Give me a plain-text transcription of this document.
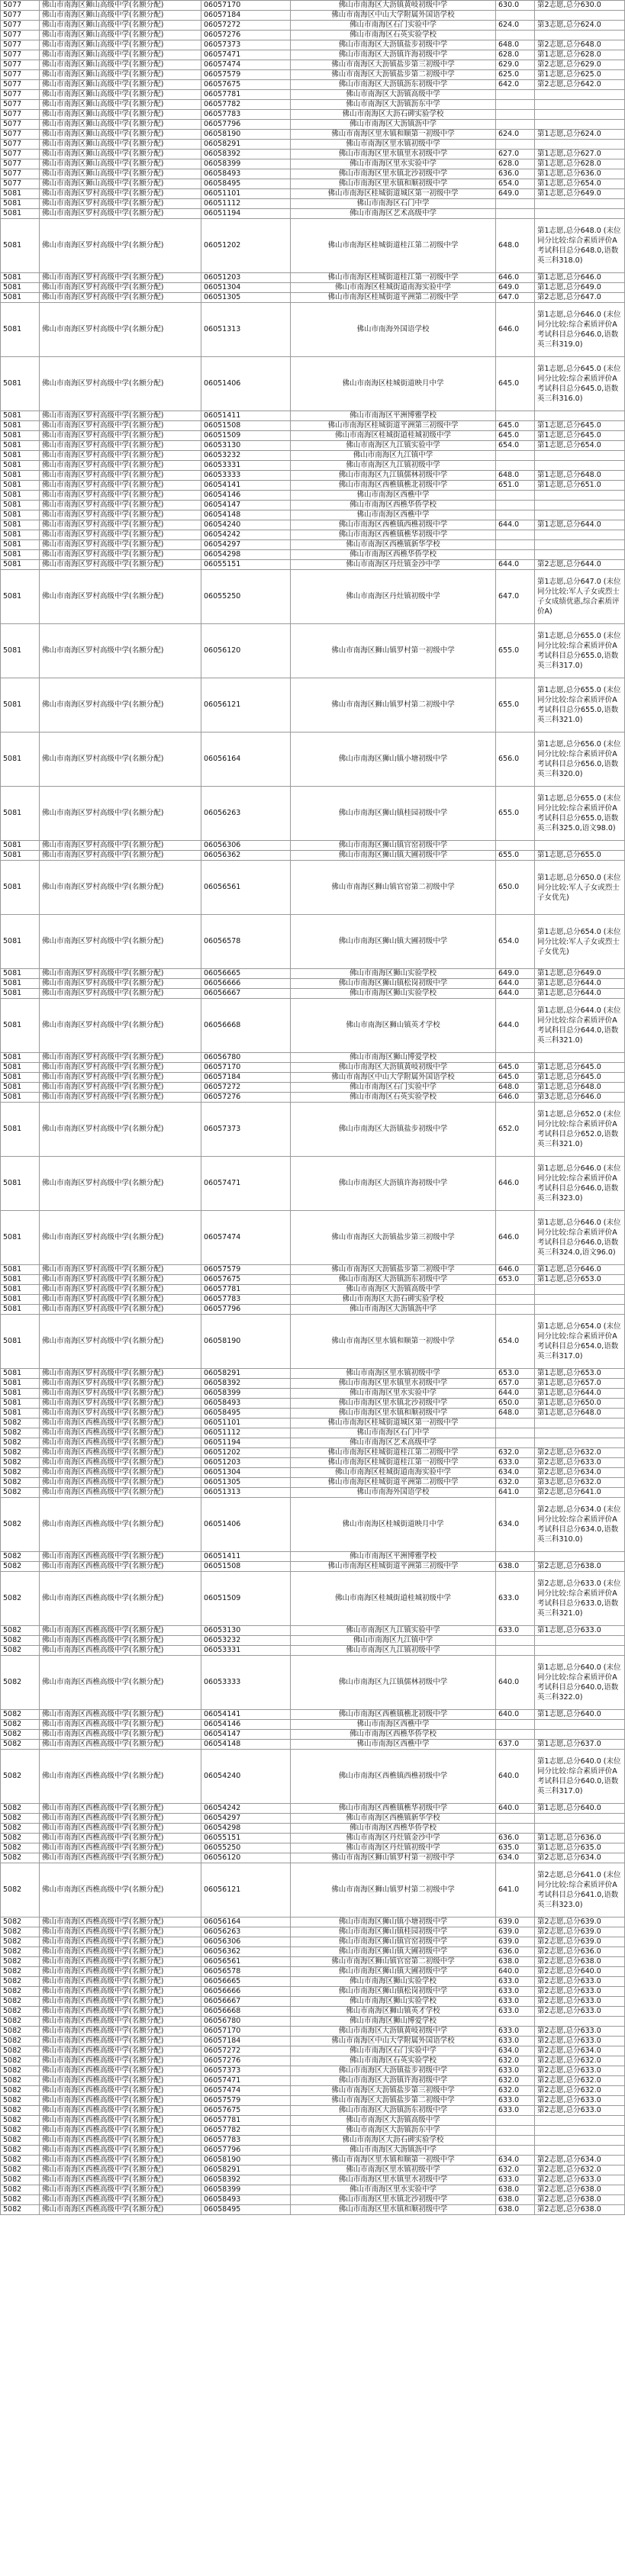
5077	佛山市南海区狮山高级中学(名额分配)	06057170	佛山市南海区大沥镇黄岐初级中学	630.0	第2志愿,总分630.0
5077	佛山市南海区狮山高级中学(名额分配)	06057184	佛山市南海区中山大学附属外国语学校		
5077	佛山市南海区狮山高级中学(名额分配)	06057272	佛山市南海区石门实验中学	624.0	第3志愿,总分624.0
5077	佛山市南海区狮山高级中学(名额分配)	06057276	佛山市南海区石英实验学校		
5077	佛山市南海区狮山高级中学(名额分配)	06057373	佛山市南海区大沥镇盐步初级中学	648.0	第2志愿,总分648.0
5077	佛山市南海区狮山高级中学(名额分配)	06057471	佛山市南海区大沥镇许海初级中学	628.0	第1志愿,总分628.0
5077	佛山市南海区狮山高级中学(名额分配)	06057474	佛山市南海区大沥镇盐步第三初级中学	629.0	第2志愿,总分629.0
5077	佛山市南海区狮山高级中学(名额分配)	06057579	佛山市南海区大沥镇盐步第二初级中学	625.0	第1志愿,总分625.0
5077	佛山市南海区狮山高级中学(名额分配)	06057675	佛山市南海区大沥镇沥东初级中学	642.0	第2志愿,总分642.0
5077	佛山市南海区狮山高级中学(名额分配)	06057781	佛山市南海区大沥镇高级中学		
5077	佛山市南海区狮山高级中学(名额分配)	06057782	佛山市南海区大沥镇沥东中学		
5077	佛山市南海区狮山高级中学(名额分配)	06057783	佛山市南海区大沥石碑实验学校		
5077	佛山市南海区狮山高级中学(名额分配)	06057796	佛山市南海区大沥镇沥中学		
5077	佛山市南海区狮山高级中学(名额分配)	06058190	佛山市南海区里水镇和顺第一初级中学	624.0	第1志愿,总分624.0
5077	佛山市南海区狮山高级中学(名额分配)	06058291	佛山市南海区里水镇初级中学		
5077	佛山市南海区狮山高级中学(名额分配)	06058392	佛山市南海区里水镇里水初级中学	627.0	第1志愿,总分627.0
5077	佛山市南海区狮山高级中学(名额分配)	06058399	佛山市南海区里水实验中学	628.0	第1志愿,总分628.0
5077	佛山市南海区狮山高级中学(名额分配)	06058493	佛山市南海区里水镇北沙初级中学	636.0	第1志愿,总分636.0
5077	佛山市南海区狮山高级中学(名额分配)	06058495	佛山市南海区里水镇和顺初级中学	654.0	第1志愿,总分654.0
5081	佛山市南海区罗村高级中学(名额分配)	06051101	佛山市南海区桂城街道城区第一初级中学	649.0	第1志愿,总分649.0
5081	佛山市南海区罗村高级中学(名额分配)	06051112	佛山市南海区石门中学		
5081	佛山市南海区罗村高级中学(名额分配)	06051194	佛山市南海区艺术高级中学		
5081	佛山市南海区罗村高级中学(名额分配)	06051202	佛山市南海区桂城街道桂江第二初级中学	648.0	第1志愿,总分648.0 (末位同分比较:综合素质评价A考试科目总分648.0,语数英三科318.0)
5081	佛山市南海区罗村高级中学(名额分配)	06051203	佛山市南海区桂城街道桂江第一初级中学	646.0	第1志愿,总分646.0
5081	佛山市南海区罗村高级中学(名额分配)	06051304	佛山市南海区桂城街道南海实验中学	649.0	第1志愿,总分649.0
5081	佛山市南海区罗村高级中学(名额分配)	06051305	佛山市南海区桂城街道平洲第二初级中学	647.0	第2志愿,总分647.0
5081	佛山市南海区罗村高级中学(名额分配)	06051313	佛山市南海外国语学校	646.0	第1志愿,总分646.0 (末位同分比较:综合素质评价A考试科目总分646.0,语数英三科319.0)
5081	佛山市南海区罗村高级中学(名额分配)	06051406	佛山市南海区桂城街道映月中学	645.0	第1志愿,总分645.0 (末位同分比较:综合素质评价A考试科目总分645.0,语数英三科316.0)
5081	佛山市南海区罗村高级中学(名额分配)	06051411	佛山市南海区平洲博雅学校		
5081	佛山市南海区罗村高级中学(名额分配)	06051508	佛山市南海区桂城街道平洲第三初级中学	645.0	第1志愿,总分645.0
5081	佛山市南海区罗村高级中学(名额分配)	06051509	佛山市南海区桂城街道桂城初级中学	645.0	第1志愿,总分645.0
5081	佛山市南海区罗村高级中学(名额分配)	06053130	佛山市南海区九江镇实验中学	654.0	第1志愿,总分654.0
5081	佛山市南海区罗村高级中学(名额分配)	06053232	佛山市南海区九江镇中学		
5081	佛山市南海区罗村高级中学(名额分配)	06053331	佛山市南海区九江镇初级中学		
5081	佛山市南海区罗村高级中学(名额分配)	06053333	佛山市南海区九江镇儒林初级中学	648.0	第1志愿,总分648.0
5081	佛山市南海区罗村高级中学(名额分配)	06054141	佛山市南海区西樵镇樵北初级中学	651.0	第1志愿,总分651.0
5081	佛山市南海区罗村高级中学(名额分配)	06054146	佛山市南海区西樵中学		
5081	佛山市南海区罗村高级中学(名额分配)	06054147	佛山市南海区西樵华侨学校		
5081	佛山市南海区罗村高级中学(名额分配)	06054148	佛山市南海区西樵中学		
5081	佛山市南海区罗村高级中学(名额分配)	06054240	佛山市南海区西樵镇西樵初级中学	644.0	第1志愿,总分644.0
5081	佛山市南海区罗村高级中学(名额分配)	06054242	佛山市南海区西樵镇樵华初级中学		
5081	佛山市南海区罗村高级中学(名额分配)	06054297	佛山市南海区西樵镇新华学校		
5081	佛山市南海区罗村高级中学(名额分配)	06054298	佛山市南海区西樵华侨学校		
5081	佛山市南海区罗村高级中学(名额分配)	06055151	佛山市南海区丹灶镇金沙中学	644.0	第2志愿,总分644.0
5081	佛山市南海区罗村高级中学(名额分配)	06055250	佛山市南海区丹灶镇初级中学	647.0	第1志愿,总分647.0 (末位同分比较:军人子女或烈士子女成绩优惠,综合素质评价A)
5081	佛山市南海区罗村高级中学(名额分配)	06056120	佛山市南海区狮山镇罗村第一初级中学	655.0	第1志愿,总分655.0 (末位同分比较:综合素质评价A考试科目总分655.0,语数英三科317.0)
5081	佛山市南海区罗村高级中学(名额分配)	06056121	佛山市南海区狮山镇罗村第二初级中学	655.0	第1志愿,总分655.0 (末位同分比较:综合素质评价A考试科目总分655.0,语数英三科321.0)
5081	佛山市南海区罗村高级中学(名额分配)	06056164	佛山市南海区狮山镇小塘初级中学	656.0	第1志愿,总分656.0 (末位同分比较:综合素质评价A考试科目总分656.0,语数英三科320.0)
5081	佛山市南海区罗村高级中学(名额分配)	06056263	佛山市南海区狮山镇桂园初级中学	655.0	第1志愿,总分655.0 (末位同分比较:综合素质评价A考试科目总分655.0,语数英三科325.0,语文98.0)
5081	佛山市南海区罗村高级中学(名额分配)	06056306	佛山市南海区狮山镇官窑初级中学		
5081	佛山市南海区罗村高级中学(名额分配)	06056362	佛山市南海区狮山镇大圃初级中学	655.0	第1志愿,总分655.0
5081	佛山市南海区罗村高级中学(名额分配)	06056561	佛山市南海区狮山镇官窑第二初级中学	650.0	第1志愿,总分650.0 (末位同分比较:军人子女或烈士子女优先)
5081	佛山市南海区罗村高级中学(名额分配)	06056578	佛山市南海区狮山镇大圃初级中学	654.0	第1志愿,总分654.0 (末位同分比较:军人子女或烈士子女优先)
5081	佛山市南海区罗村高级中学(名额分配)	06056665	佛山市南海区狮山实验学校	649.0	第1志愿,总分649.0
5081	佛山市南海区罗村高级中学(名额分配)	06056666	佛山市南海区狮山镇松岗初级中学	644.0	第1志愿,总分644.0
5081	佛山市南海区罗村高级中学(名额分配)	06056667	佛山市南海区狮山实验学校	644.0	第1志愿,总分644.0
5081	佛山市南海区罗村高级中学(名额分配)	06056668	佛山市南海区狮山镇英才学校	644.0	第1志愿,总分644.0 (末位同分比较:综合素质评价A考试科目总分644.0,语数英三科321.0)
5081	佛山市南海区罗村高级中学(名额分配)	06056780	佛山市南海区狮山博爱学校		
5081	佛山市南海区罗村高级中学(名额分配)	06057170	佛山市南海区大沥镇黄岐初级中学	645.0	第1志愿,总分645.0
5081	佛山市南海区罗村高级中学(名额分配)	06057184	佛山市南海区中山大学附属外国语学校	645.0	第1志愿,总分645.0
5081	佛山市南海区罗村高级中学(名额分配)	06057272	佛山市南海区石门实验中学	648.0	第1志愿,总分648.0
5081	佛山市南海区罗村高级中学(名额分配)	06057276	佛山市南海区石英实验学校	646.0	第3志愿,总分646.0
5081	佛山市南海区罗村高级中学(名额分配)	06057373	佛山市南海区大沥镇盐步初级中学	652.0	第1志愿,总分652.0 (末位同分比较:综合素质评价A考试科目总分652.0,语数英三科321.0)
5081	佛山市南海区罗村高级中学(名额分配)	06057471	佛山市南海区大沥镇许海初级中学	646.0	第1志愿,总分646.0 (末位同分比较:综合素质评价A考试科目总分646.0,语数英三科323.0)
5081	佛山市南海区罗村高级中学(名额分配)	06057474	佛山市南海区大沥镇盐步第三初级中学	646.0	第1志愿,总分646.0 (末位同分比较:综合素质评价A考试科目总分646.0,语数英三科324.0,语文96.0)
5081	佛山市南海区罗村高级中学(名额分配)	06057579	佛山市南海区大沥镇盐步第二初级中学	646.0	第1志愿,总分646.0
5081	佛山市南海区罗村高级中学(名额分配)	06057675	佛山市南海区大沥镇沥东初级中学	653.0	第1志愿,总分653.0
5081	佛山市南海区罗村高级中学(名额分配)	06057781	佛山市南海区大沥镇高级中学		
5081	佛山市南海区罗村高级中学(名额分配)	06057783	佛山市南海区大沥石碑实验学校		
5081	佛山市南海区罗村高级中学(名额分配)	06057796	佛山市南海区大沥镇沥中学		
5081	佛山市南海区罗村高级中学(名额分配)	06058190	佛山市南海区里水镇和顺第一初级中学	654.0	第1志愿,总分654.0 (末位同分比较:综合素质评价A考试科目总分654.0,语数英三科317.0)
5081	佛山市南海区罗村高级中学(名额分配)	06058291	佛山市南海区里水镇初级中学	653.0	第1志愿,总分653.0
5081	佛山市南海区罗村高级中学(名额分配)	06058392	佛山市南海区里水镇里水初级中学	657.0	第1志愿,总分657.0
5081	佛山市南海区罗村高级中学(名额分配)	06058399	佛山市南海区里水实验中学	644.0	第1志愿,总分644.0
5081	佛山市南海区罗村高级中学(名额分配)	06058493	佛山市南海区里水镇北沙初级中学	650.0	第1志愿,总分650.0
5081	佛山市南海区罗村高级中学(名额分配)	06058495	佛山市南海区里水镇和顺初级中学	648.0	第1志愿,总分648.0
5082	佛山市南海区西樵高级中学(名额分配)	06051101	佛山市南海区桂城街道城区第一初级中学		
5082	佛山市南海区西樵高级中学(名额分配)	06051112	佛山市南海区石门中学		
5082	佛山市南海区西樵高级中学(名额分配)	06051194	佛山市南海区艺术高级中学		
5082	佛山市南海区西樵高级中学(名额分配)	06051202	佛山市南海区桂城街道桂江第二初级中学	632.0	第2志愿,总分632.0
5082	佛山市南海区西樵高级中学(名额分配)	06051203	佛山市南海区桂城街道桂江第一初级中学	633.0	第2志愿,总分633.0
5082	佛山市南海区西樵高级中学(名额分配)	06051304	佛山市南海区桂城街道南海实验中学	634.0	第2志愿,总分634.0
5082	佛山市南海区西樵高级中学(名额分配)	06051305	佛山市南海区桂城街道平洲第二初级中学	632.0	第3志愿,总分632.0
5082	佛山市南海区西樵高级中学(名额分配)	06051313	佛山市南海外国语学校	641.0	第2志愿,总分641.0
5082	佛山市南海区西樵高级中学(名额分配)	06051406	佛山市南海区桂城街道映月中学	634.0	第2志愿,总分634.0 (末位同分比较:综合素质评价A考试科目总分634.0,语数英三科310.0)
5082	佛山市南海区西樵高级中学(名额分配)	06051411	佛山市南海区平洲博雅学校		
5082	佛山市南海区西樵高级中学(名额分配)	06051508	佛山市南海区桂城街道平洲第三初级中学	638.0	第2志愿,总分638.0
5082	佛山市南海区西樵高级中学(名额分配)	06051509	佛山市南海区桂城街道桂城初级中学	633.0	第2志愿,总分633.0 (末位同分比较:综合素质评价A考试科目总分633.0,语数英三科321.0)
5082	佛山市南海区西樵高级中学(名额分配)	06053130	佛山市南海区九江镇实验中学	633.0	第1志愿,总分633.0
5082	佛山市南海区西樵高级中学(名额分配)	06053232	佛山市南海区九江镇中学		
5082	佛山市南海区西樵高级中学(名额分配)	06053331	佛山市南海区九江镇初级中学		
5082	佛山市南海区西樵高级中学(名额分配)	06053333	佛山市南海区九江镇儒林初级中学	640.0	第1志愿,总分640.0 (末位同分比较:综合素质评价A考试科目总分640.0,语数英三科322.0)
5082	佛山市南海区西樵高级中学(名额分配)	06054141	佛山市南海区西樵镇樵北初级中学	640.0	第1志愿,总分640.0
5082	佛山市南海区西樵高级中学(名额分配)	06054146	佛山市南海区西樵中学		
5082	佛山市南海区西樵高级中学(名额分配)	06054147	佛山市南海区西樵华侨学校		
5082	佛山市南海区西樵高级中学(名额分配)	06054148	佛山市南海区西樵中学	637.0	第1志愿,总分637.0
5082	佛山市南海区西樵高级中学(名额分配)	06054240	佛山市南海区西樵镇西樵初级中学	640.0	第1志愿,总分640.0 (末位同分比较:综合素质评价A考试科目总分640.0,语数英三科317.0)
5082	佛山市南海区西樵高级中学(名额分配)	06054242	佛山市南海区西樵镇樵华初级中学	640.0	第1志愿,总分640.0
5082	佛山市南海区西樵高级中学(名额分配)	06054297	佛山市南海区西樵镇新华学校		
5082	佛山市南海区西樵高级中学(名额分配)	06054298	佛山市南海区西樵华侨学校		
5082	佛山市南海区西樵高级中学(名额分配)	06055151	佛山市南海区丹灶镇金沙中学	636.0	第1志愿,总分636.0
5082	佛山市南海区西樵高级中学(名额分配)	06055250	佛山市南海区丹灶镇初级中学	635.0	第1志愿,总分635.0
5082	佛山市南海区西樵高级中学(名额分配)	06056120	佛山市南海区狮山镇罗村第一初级中学	634.0	第2志愿,总分634.0
5082	佛山市南海区西樵高级中学(名额分配)	06056121	佛山市南海区狮山镇罗村第二初级中学	641.0	第2志愿,总分641.0 (末位同分比较:综合素质评价A考试科目总分641.0,语数英三科323.0)
5082	佛山市南海区西樵高级中学(名额分配)	06056164	佛山市南海区狮山镇小塘初级中学	639.0	第2志愿,总分639.0
5082	佛山市南海区西樵高级中学(名额分配)	06056263	佛山市南海区狮山镇桂园初级中学	639.0	第2志愿,总分639.0
5082	佛山市南海区西樵高级中学(名额分配)	06056306	佛山市南海区狮山镇官窑初级中学	639.0	第2志愿,总分639.0
5082	佛山市南海区西樵高级中学(名额分配)	06056362	佛山市南海区狮山镇大圃初级中学	636.0	第2志愿,总分636.0
5082	佛山市南海区西樵高级中学(名额分配)	06056561	佛山市南海区狮山镇官窑第二初级中学	638.0	第2志愿,总分638.0
5082	佛山市南海区西樵高级中学(名额分配)	06056578	佛山市南海区狮山镇大圃初级中学	640.0	第2志愿,总分640.0
5082	佛山市南海区西樵高级中学(名额分配)	06056665	佛山市南海区狮山实验学校	633.0	第2志愿,总分633.0
5082	佛山市南海区西樵高级中学(名额分配)	06056666	佛山市南海区狮山镇松岗初级中学	633.0	第2志愿,总分633.0
5082	佛山市南海区西樵高级中学(名额分配)	06056667	佛山市南海区狮山实验学校	633.0	第2志愿,总分633.0
5082	佛山市南海区西樵高级中学(名额分配)	06056668	佛山市南海区狮山镇英才学校	633.0	第2志愿,总分633.0
5082	佛山市南海区西樵高级中学(名额分配)	06056780	佛山市南海区狮山博爱学校		
5082	佛山市南海区西樵高级中学(名额分配)	06057170	佛山市南海区大沥镇黄岐初级中学	633.0	第2志愿,总分633.0
5082	佛山市南海区西樵高级中学(名额分配)	06057184	佛山市南海区中山大学附属外国语学校	633.0	第2志愿,总分633.0
5082	佛山市南海区西樵高级中学(名额分配)	06057272	佛山市南海区石门实验中学	634.0	第2志愿,总分634.0
5082	佛山市南海区西樵高级中学(名额分配)	06057276	佛山市南海区石英实验学校	632.0	第2志愿,总分632.0
5082	佛山市南海区西樵高级中学(名额分配)	06057373	佛山市南海区大沥镇盐步初级中学	633.0	第2志愿,总分633.0
5082	佛山市南海区西樵高级中学(名额分配)	06057471	佛山市南海区大沥镇许海初级中学	632.0	第2志愿,总分632.0
5082	佛山市南海区西樵高级中学(名额分配)	06057474	佛山市南海区大沥镇盐步第三初级中学	632.0	第2志愿,总分632.0
5082	佛山市南海区西樵高级中学(名额分配)	06057579	佛山市南海区大沥镇盐步第二初级中学	633.0	第2志愿,总分633.0
5082	佛山市南海区西樵高级中学(名额分配)	06057675	佛山市南海区大沥镇沥东初级中学	633.0	第2志愿,总分633.0
5082	佛山市南海区西樵高级中学(名额分配)	06057781	佛山市南海区大沥镇高级中学		
5082	佛山市南海区西樵高级中学(名额分配)	06057782	佛山市南海区大沥镇沥东中学		
5082	佛山市南海区西樵高级中学(名额分配)	06057783	佛山市南海区大沥石碑实验学校		
5082	佛山市南海区西樵高级中学(名额分配)	06057796	佛山市南海区大沥镇沥中学		
5082	佛山市南海区西樵高级中学(名额分配)	06058190	佛山市南海区里水镇和顺第一初级中学	634.0	第2志愿,总分634.0
5082	佛山市南海区西樵高级中学(名额分配)	06058291	佛山市南海区里水镇初级中学	632.0	第2志愿,总分632.0
5082	佛山市南海区西樵高级中学(名额分配)	06058392	佛山市南海区里水镇里水初级中学	633.0	第2志愿,总分633.0
5082	佛山市南海区西樵高级中学(名额分配)	06058399	佛山市南海区里水实验中学	638.0	第2志愿,总分638.0
5082	佛山市南海区西樵高级中学(名额分配)	06058493	佛山市南海区里水镇北沙初级中学	638.0	第2志愿,总分638.0
5082	佛山市南海区西樵高级中学(名额分配)	06058495	佛山市南海区里水镇和顺初级中学	638.0	第2志愿,总分638.0
